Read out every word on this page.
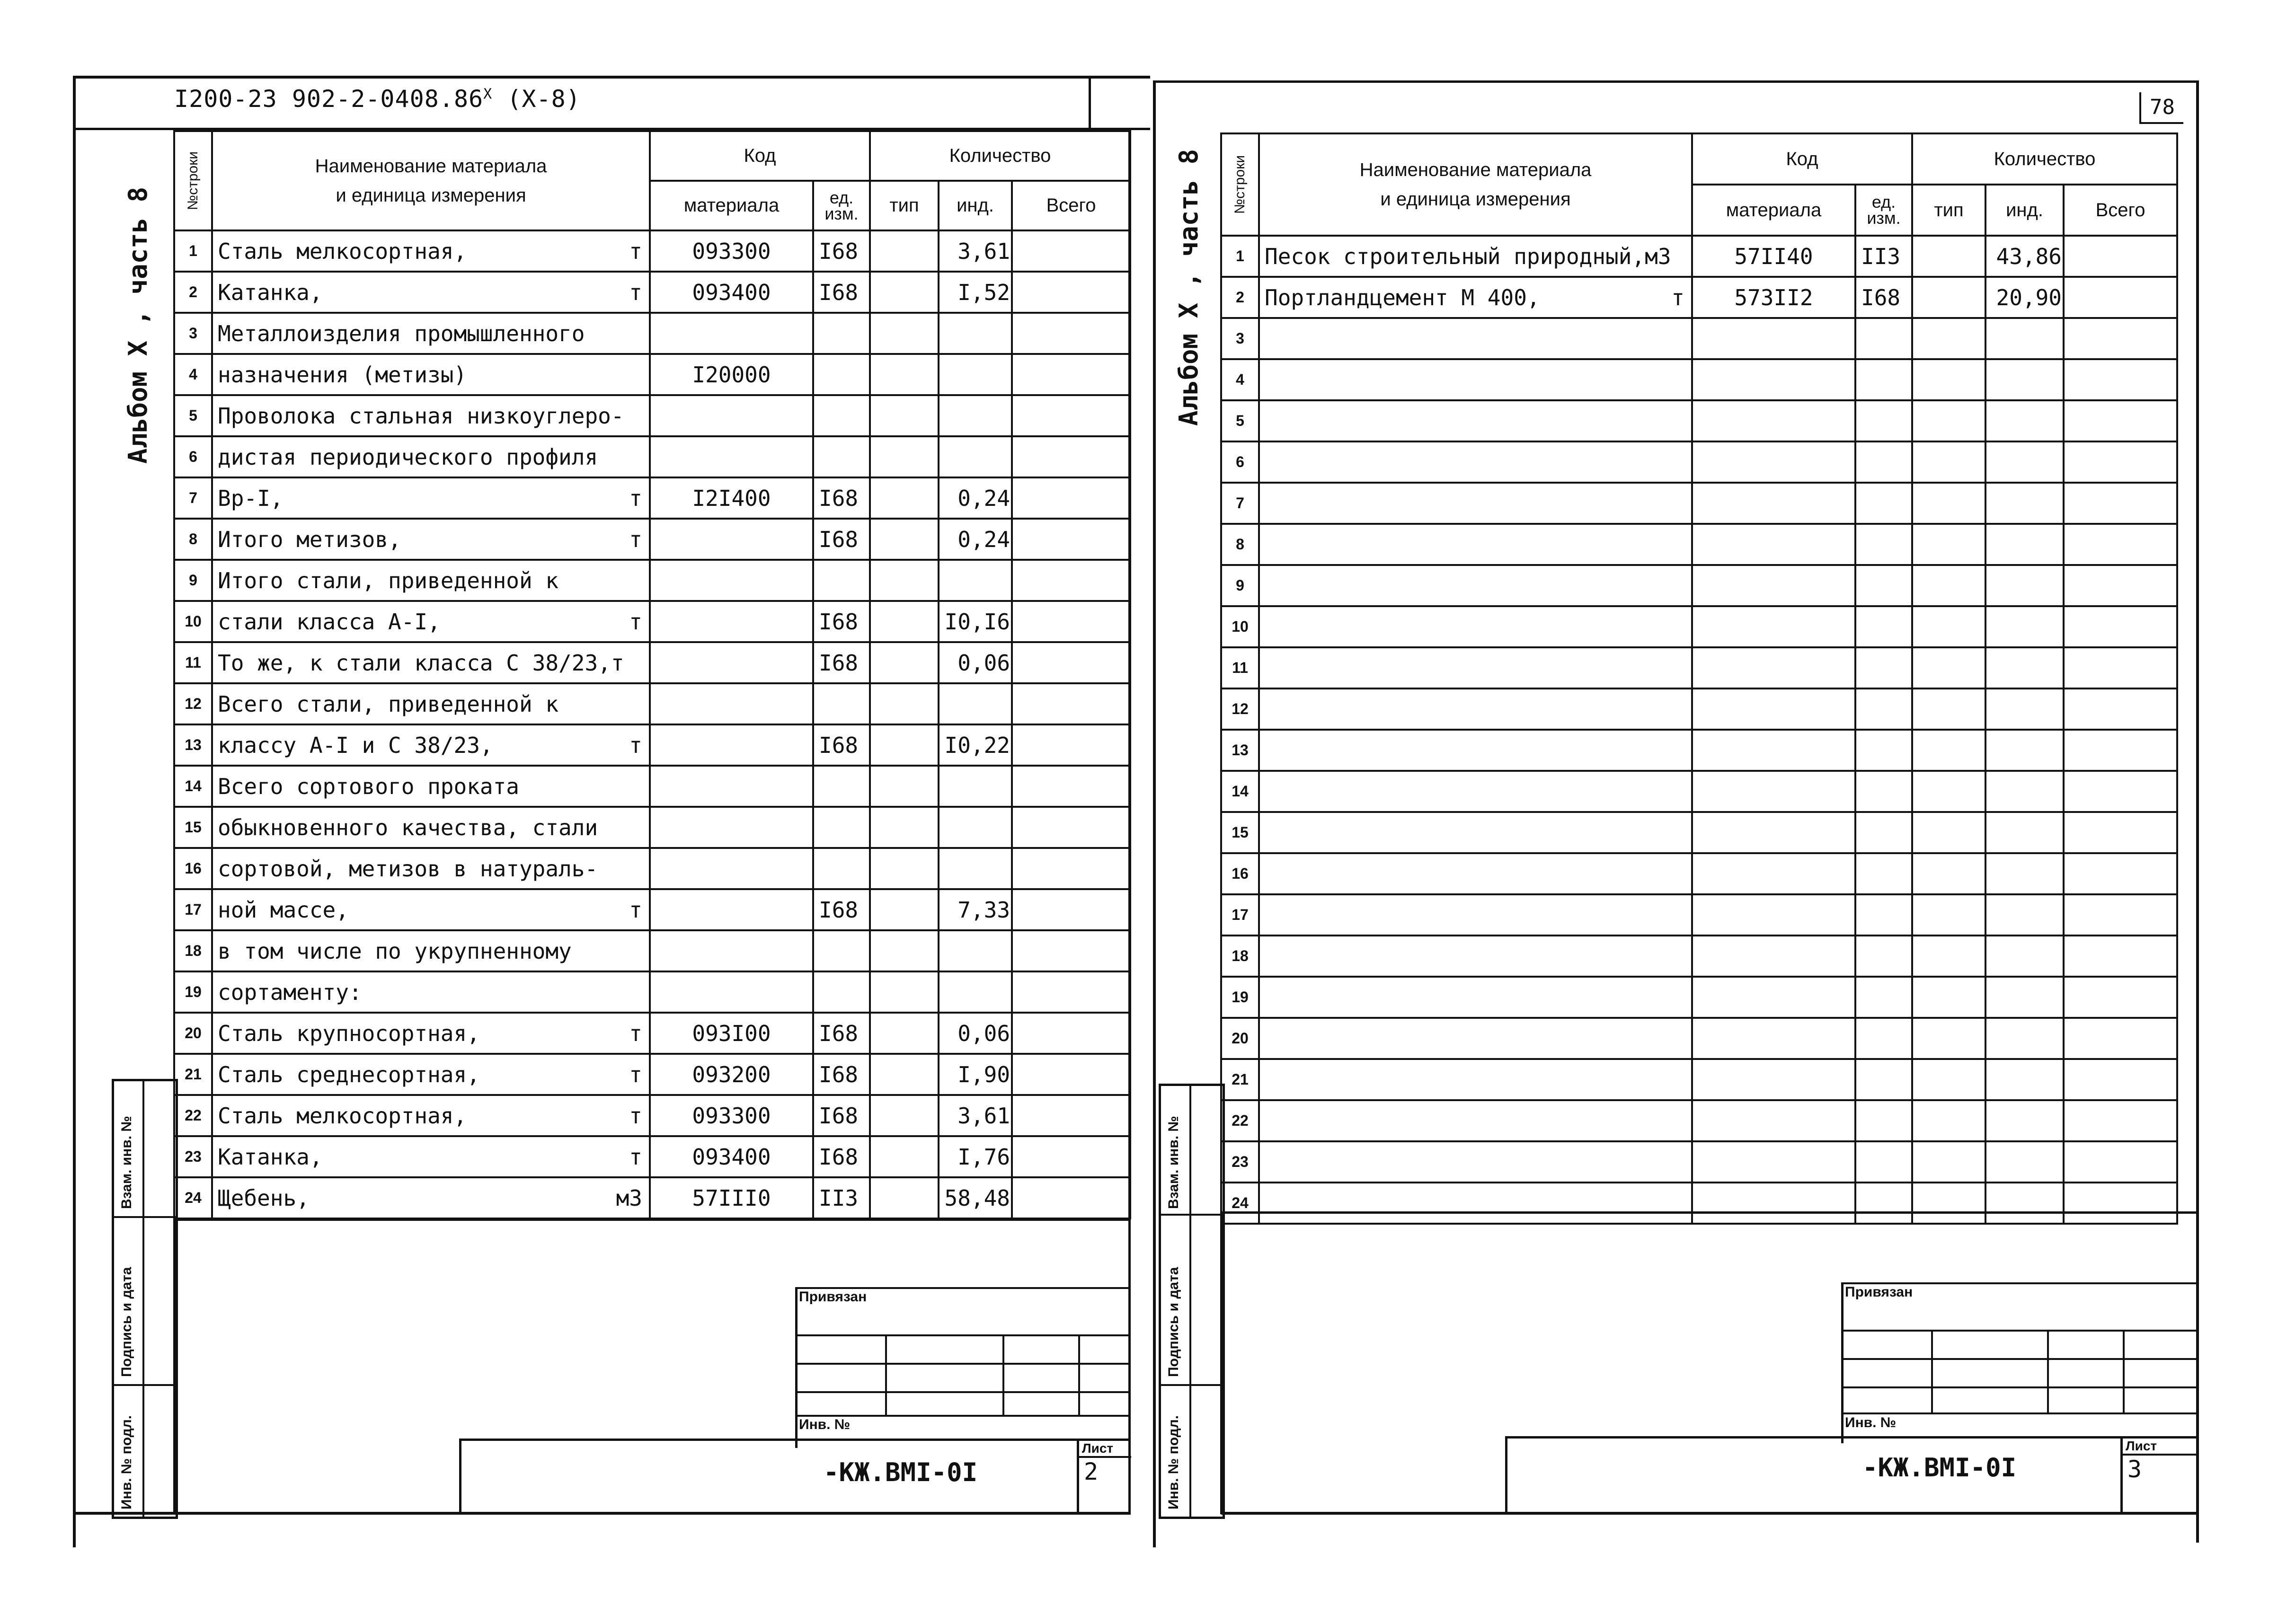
I200-23 $902-2-0408.86^X$ (X-8)
Альбом X , часть 8
Взам. инв. №
Подпись и дата
Инв. № подл.
№строки	Наименование материала
и единица измерения	Код		Количество		
		материала	ед.
изм.	тип	инд.	Всего
1	Сталь мелкосортная, т	093300	I68		3,61	
2	Катанка, т	093400	I68		I,52	
3	Металлоизделия промышленного

4	назначения (метизы)	I20000				
5	Проволока стальная низкоуглеро-

6	дистая периодического профиля

7	Вр-I, т	I2I400	I68		0,24	
8	Итого метизов, т		I68		0,24	
9	Итого стали, приведенной к

10	стали класса А-I, т		I68		I0,I6	
11	То же, к стали класса С 38/23,т		I68		0,06	
12	Всего стали, приведенной к

13	классу А-I и С 38/23, т		I68		I0,22	
14	Всего сортового проката

15	обыкновенного качества, стали

16	сортовой, метизов в натураль-

17	ной массе, т		I68		7,33	
18	в том числе по укрупненному

19	сортаменту:

20	Сталь крупносортная, т	093I00	I68		0,06	
21	Сталь среднесортная, т	093200	I68		I,90	
22	Сталь мелкосортная, т	093300	I68		3,61	
23	Катанка, т	093400	I68		I,76	
24	Щебень, м3	57III0	II3		58,48	
Привязан
Инв. №
-КЖ.ВМI-0I
Лист
2
78
Альбом X , часть 8
Взам. инв. №
Подпись и дата
Инв. № подл.
№строки	Наименование материала
и единица измерения	Код		Количество		
		материала	ед.
изм.	тип	инд.	Всего
1	Песок строительный природный,м3	57II40	II3		43,86	
2	Портландцемент М 400, т	573II2	I68		20,90	
3	

4	

5	

6	

7	

8	

9	

10	

11	

12	

13	

14	

15	

16	

17	

18	

19	

20	

21	

22	

23	

24	

Привязан
Инв. №
-КЖ.ВМI-0I
Лист
3
